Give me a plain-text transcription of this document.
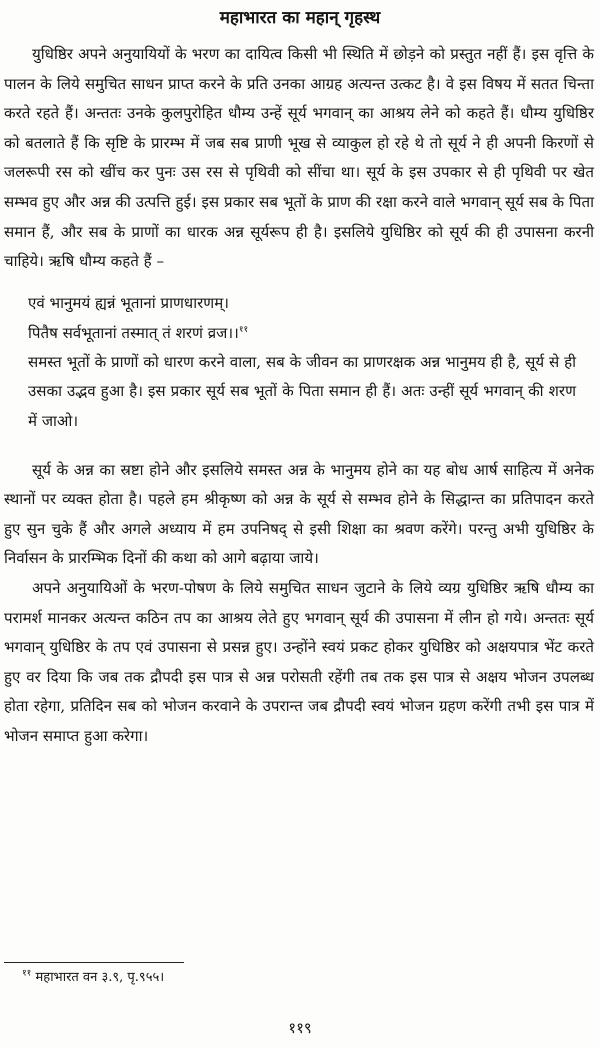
महाभारत का महान् गृहस्थ

युधिष्ठिर अपने अनुयायियों के भरण का दायित्व किसी भी स्थिति में छोड़ने को प्रस्तुत नहीं हैं। इस वृत्ति के पालन के लिये समुचित साधन प्राप्त करने के प्रति उनका आग्रह अत्यन्त उत्कट है। वे इस विषय में सतत चिन्ता करते रहते हैं। अन्ततः उनके कुलपुरोहित धौम्य उन्हें सूर्य भगवान् का आश्रय लेने को कहते हैं। धौम्य युधिष्ठिर को बतलाते हैं कि सृष्टि के प्रारम्भ में जब सब प्राणी भूख से व्याकुल हो रहे थे तो सूर्य ने ही अपनी किरणों से जलरूपी रस को खींच कर पुनः उस रस से पृथिवी को सींचा था। सूर्य के इस उपकार से ही पृथिवी पर खेत सम्भव हुए और अन्न की उत्पत्ति हुई। इस प्रकार सब भूतों के प्राण की रक्षा करने वाले भगवान् सूर्य सब के पिता समान हैं, और सब के प्राणों का धारक अन्न सूर्यरूप ही है। इसलिये युधिष्ठिर को सूर्य की ही उपासना करनी चाहिये। ऋषि धौम्य कहते हैं –

एवं भानुमयं ह्यन्नं भूतानां प्राणधारणम्।
पितैष सर्वभूतानां तस्मात् तं शरणं व्रज।।$^{११}$

समस्त भूतों के प्राणों को धारण करने वाला, सब के जीवन का प्राणरक्षक अन्न भानुमय ही है, सूर्य से ही उसका उद्भव हुआ है। इस प्रकार सूर्य सब भूतों के पिता समान ही हैं। अतः उन्हीं सूर्य भगवान् की शरण में जाओ।

सूर्य के अन्न का स्रष्टा होने और इसलिये समस्त अन्न के भानुमय होने का यह बोध आर्ष साहित्य में अनेक स्थानों पर व्यक्त होता है। पहले हम श्रीकृष्ण को अन्न के सूर्य से सम्भव होने के सिद्धान्त का प्रतिपादन करते हुए सुन चुके हैं और अगले अध्याय में हम उपनिषद् से इसी शिक्षा का श्रवण करेंगे। परन्तु अभी युधिष्ठिर के निर्वासन के प्रारम्भिक दिनों की कथा को आगे बढ़ाया जाये।

अपने अनुयायिओं के भरण-पोषण के लिये समुचित साधन जुटाने के लिये व्यग्र युधिष्ठिर ऋषि धौम्य का परामर्श मानकर अत्यन्त कठिन तप का आश्रय लेते हुए भगवान् सूर्य की उपासना में लीन हो गये। अन्ततः सूर्य भगवान् युधिष्ठिर के तप एवं उपासना से प्रसन्न हुए। उन्होंने स्वयं प्रकट होकर युधिष्ठिर को अक्षयपात्र भेंट करते हुए वर दिया कि जब तक द्रौपदी इस पात्र से अन्न परोसती रहेंगी तब तक इस पात्र से अक्षय भोजन उपलब्ध होता रहेगा, प्रतिदिन सब को भोजन करवाने के उपरान्त जब द्रौपदी स्वयं भोजन ग्रहण करेंगी तभी इस पात्र में भोजन समाप्त हुआ करेगा।

$^{११}$ महाभारत वन ३.९, पृ.९५५।

११९
